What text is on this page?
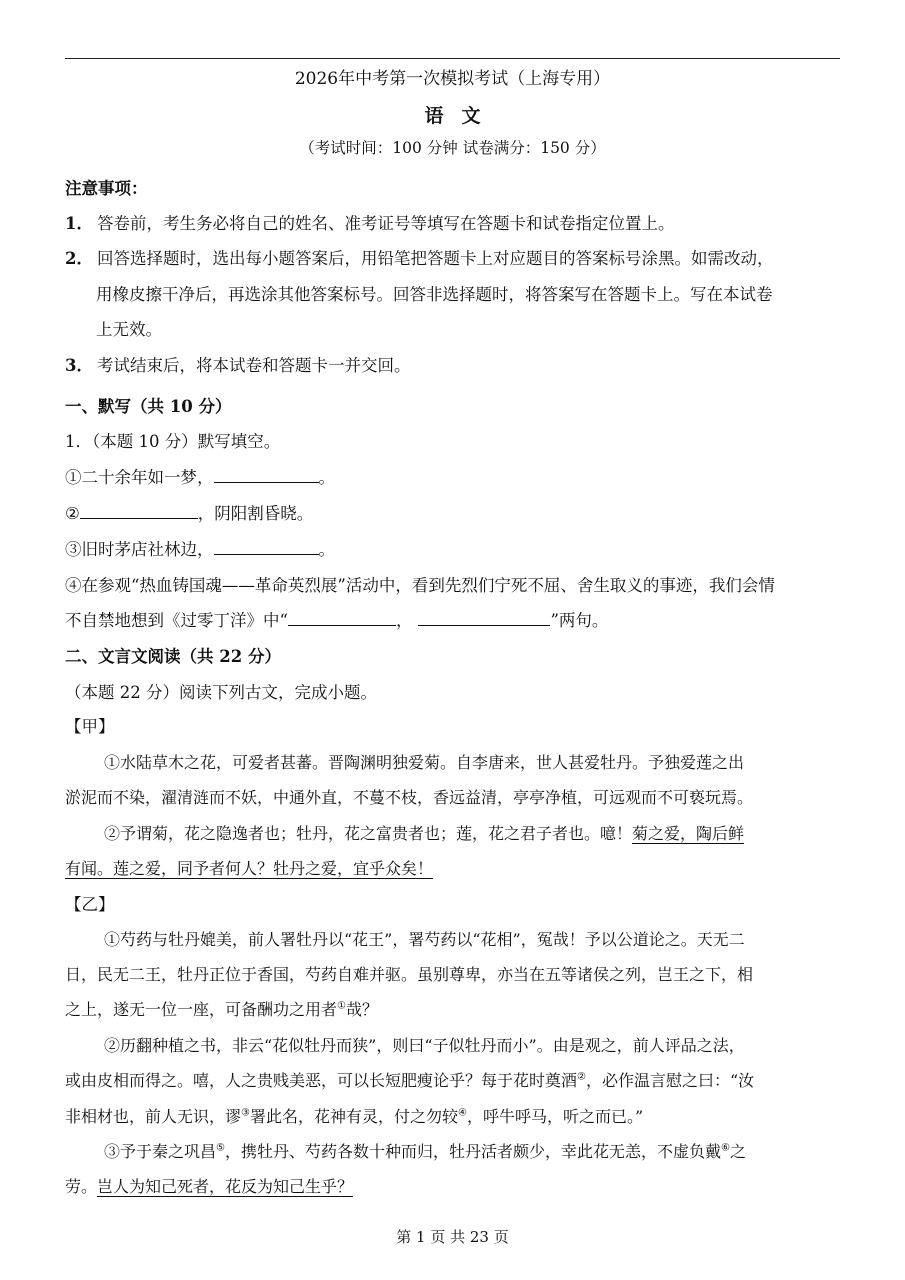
2026年中考第一次模拟考试（上海专用）
语文
（考试时间：100 分钟 试卷满分：150 分）
注意事项：
1． 答卷前，考生务必将自己的姓名、准考证号等填写在答题卡和试卷指定位置上。
2． 回答选择题时，选出每小题答案后，用铅笔把答题卡上对应题目的答案标号涂黑。如需改动，
用橡皮擦干净后，再选涂其他答案标号。回答非选择题时，将答案写在答题卡上。写在本试卷
上无效。
3． 考试结束后，将本试卷和答题卡一并交回。
一、默写（共 10 分）
1．（本题 10 分）默写填空。
①二十余年如一梦，	。
②	，阴阳割昏晓。
③旧时茅店社林边，	。
④在参观“热血铸国魂——革命英烈展”活动中，看到先烈们宁死不屈、舍生取义的事迹，我们会情
不自禁地想到《过零丁洋》中“	，	”两句。
二、文言文阅读（共 22 分）
（本题 22 分）阅读下列古文，完成小题。
【甲】
①水陆草木之花，可爱者甚蕃。晋陶渊明独爱菊。自李唐来，世人甚爱牡丹。予独爱莲之出
淤泥而不染，濯清涟而不妖，中通外直，不蔓不枝，香远益清，亭亭净植，可远观而不可亵玩焉。
②予谓菊，花之隐逸者也；牡丹，花之富贵者也；莲，花之君子者也。噫！菊之爱，陶后鲜
有闻。莲之爱，同予者何人？牡丹之爱，宜乎众矣！
【乙】
①芍药与牡丹媲美，前人署牡丹以“花王”，署芍药以“花相”，冤哉！予以公道论之。天无二
日，民无二王，牡丹正位于香国，芍药自难并驱。虽别尊卑，亦当在五等诸侯之列，岂王之下，相
之上，遂无一位一座，可备酬功之用者①哉？
②历翻种植之书，非云“花似牡丹而狭”，则曰“子似牡丹而小”。由是观之，前人评品之法，
或由皮相而得之。嘻，人之贵贱美恶，可以长短肥瘦论乎？每于花时奠酒②，必作温言慰之曰：“汝
非相材也，前人无识，谬③署此名，花神有灵，付之勿较④，呼牛呼马，听之而已。”
③予于秦之巩昌⑤，携牡丹、芍药各数十种而归，牡丹活者颇少，幸此花无恙，不虚负戴⑥之
劳。岂人为知己死者，花反为知己生乎？
第 1 页 共 23 页
